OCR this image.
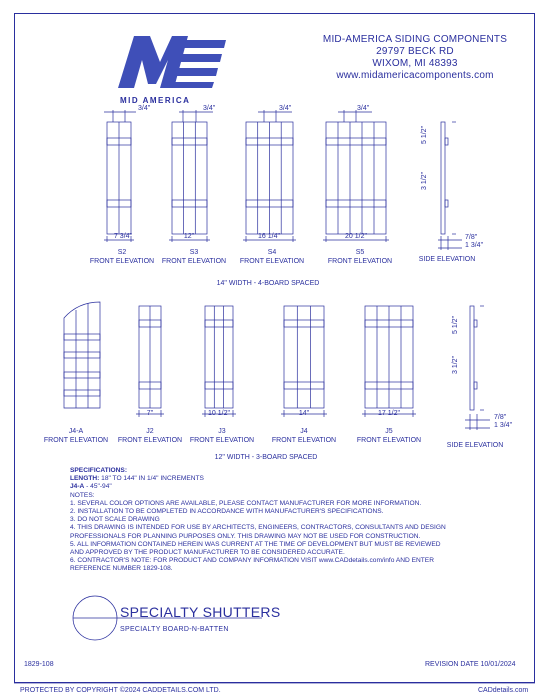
MID AMERICA
MID-AMERICA SIDING COMPONENTS
29797 BECK RD
WIXOM, MI 48393
www.midamericacomponents.com
3/4"	3/4"	3/4"	3/4"
7 3/4"	12"	16 1/4"	20 1/2"
S2
FRONT ELEVATION
S3
FRONT ELEVATION
S4
FRONT ELEVATION
S5
FRONT ELEVATION
5 1/2"
3 1/2"
7/8"
1 3/4"
SIDE ELEVATION
14" WIDTH - 4-BOARD SPACED
7"	10 1/2"	14"	17 1/2"
J4-A
FRONT ELEVATION
J2
FRONT ELEVATION
J3
FRONT ELEVATION
J4
FRONT ELEVATION
J5
FRONT ELEVATION
5 1/2"
3 1/2"
7/8"
1 3/4"
SIDE ELEVATION
12" WIDTH - 3-BOARD SPACED
SPECIFICATIONS:
LENGTH: 18" TO 144" IN 1/4" INCREMENTS
J4-A - 45"-94"
NOTES:
1. SEVERAL COLOR OPTIONS ARE AVAILABLE, PLEASE CONTACT MANUFACTURER FOR MORE INFORMATION.
2. INSTALLATION TO BE COMPLETED IN ACCORDANCE WITH MANUFACTURER'S SPECIFICATIONS.
3. DO NOT SCALE DRAWING
4. THIS DRAWING IS INTENDED FOR USE BY ARCHITECTS, ENGINEERS, CONTRACTORS, CONSULTANTS AND DESIGN
PROFESSIONALS FOR PLANNING PURPOSES ONLY. THIS DRAWING MAY NOT BE USED FOR CONSTRUCTION.
5. ALL INFORMATION CONTAINED HEREIN WAS CURRENT AT THE TIME OF DEVELOPMENT BUT MUST BE REVIEWED
AND APPROVED BY THE PRODUCT MANUFACTURER TO BE CONSIDERED ACCURATE.
6. CONTRACTOR'S NOTE: FOR PRODUCT AND COMPANY INFORMATION VISIT www.CADdetails.com/info AND ENTER
REFERENCE NUMBER 1829-108.
SPECIALTY SHUTTERS
SPECIALTY BOARD-N-BATTEN
1829-108	REVISION DATE 10/01/2024
PROTECTED BY COPYRIGHT ©2024 CADDETAILS.COM LTD.	CADdetails.com
